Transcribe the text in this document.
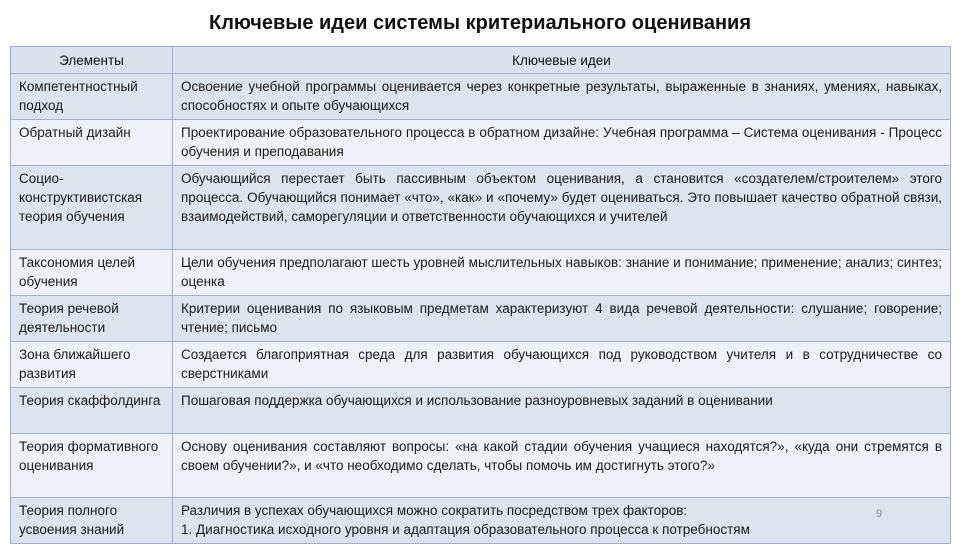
Ключевые идеи системы критериального оценивания
Элементы	Ключевые идеи
Компетентностный подход	Освоение учебной программы оценивается через конкретные результаты, выраженные в знаниях, умениях, навыках, способностях и опыте обучающихся
Обратный дизайн	Проектирование образовательного процесса в обратном дизайне: Учебная программа – Система оценивания - Процесс обучения и преподавания
Социо-конструктивистская теория обучения	Обучающийся перестает быть пассивным объектом оценивания, а становится «создателем/строителем» этого процесса. Обучающийся понимает «что», «как» и «почему» будет оцениваться. Это повышает качество обратной связи, взаимодействий, саморегуляции и ответственности обучающихся и учителей
Таксономия целей обучения	Цели обучения предполагают шесть уровней мыслительных навыков: знание и понимание; применение; анализ; синтез; оценка
Теория речевой деятельности	Критерии оценивания по языковым предметам характеризуют 4 вида речевой деятельности: слушание; говорение; чтение; письмо
Зона ближайшего развития	Создается благоприятная среда для развития обучающихся под руководством учителя и в сотрудничестве со сверстниками
Теория скаффолдинга	Пошаговая поддержка обучающихся и использование разноуровневых заданий в оценивании
Теория формативного оценивания	Основу оценивания составляют вопросы: «на какой стадии обучения учащиеся находятся?», «куда они стремятся в своем обучении?», и «что необходимо сделать, чтобы помочь им достигнуть этого?»
Теория полного усвоения знаний	Различия в успехах обучающихся можно сократить посредством трех факторов:
1. Диагностика исходного уровня и адаптация образовательного процесса к потребностям
9
